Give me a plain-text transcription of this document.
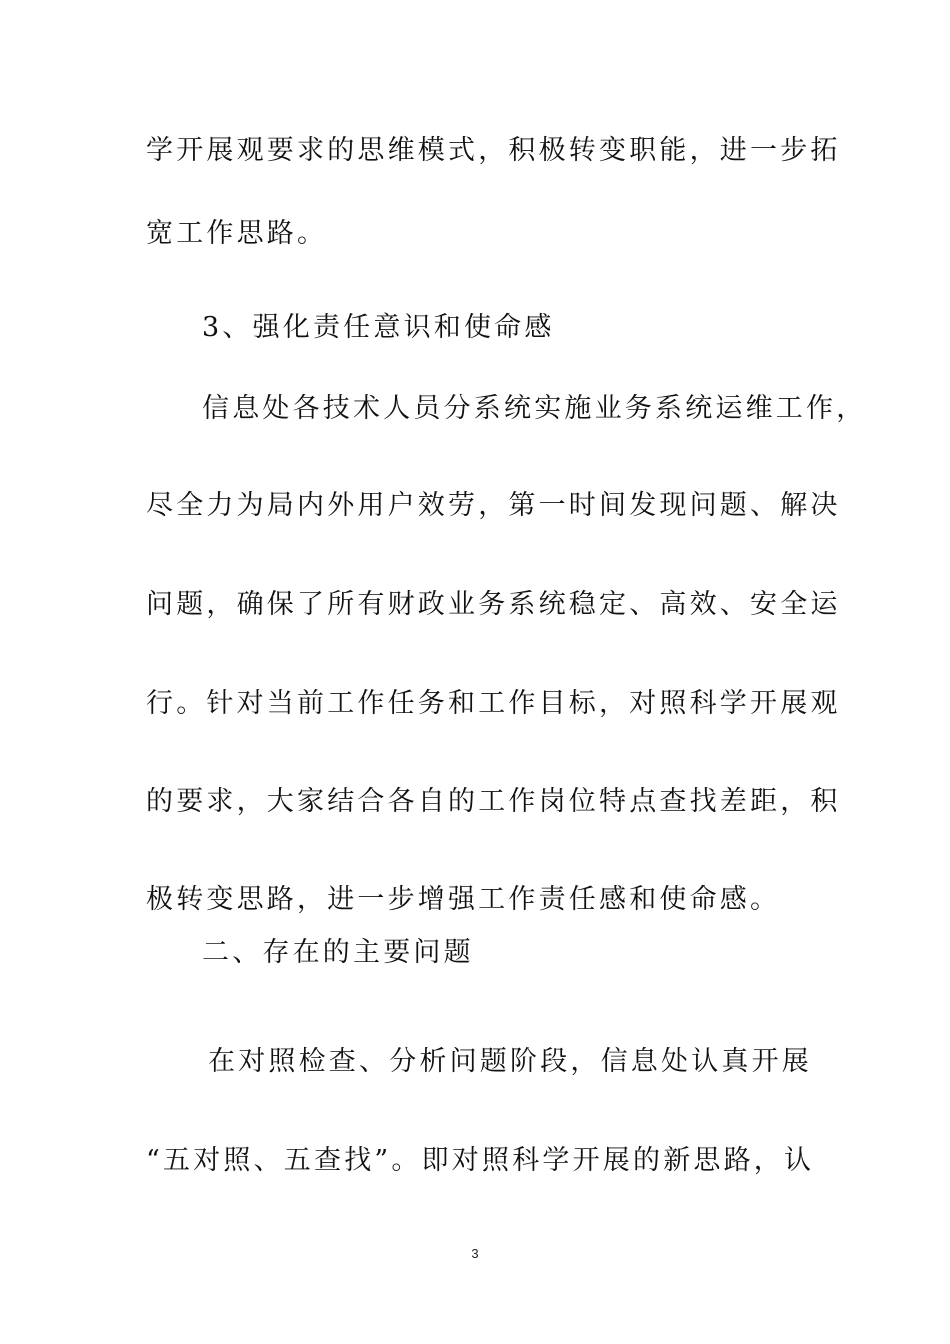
学开展观要求的思维模式，积极转变职能，进一步拓
宽工作思路。
3、强化责任意识和使命感
信息处各技术人员分系统实施业务系统运维工作，
尽全力为局内外用户效劳，第一时间发现问题、解决
问题，确保了所有财政业务系统稳定、高效、安全运
行。针对当前工作任务和工作目标，对照科学开展观
的要求，大家结合各自的工作岗位特点查找差距，积
极转变思路，进一步增强工作责任感和使命感。
二、存在的主要问题
在对照检查、分析问题阶段，信息处认真开展
“五对照、五查找”。即对照科学开展的新思路，认
3
